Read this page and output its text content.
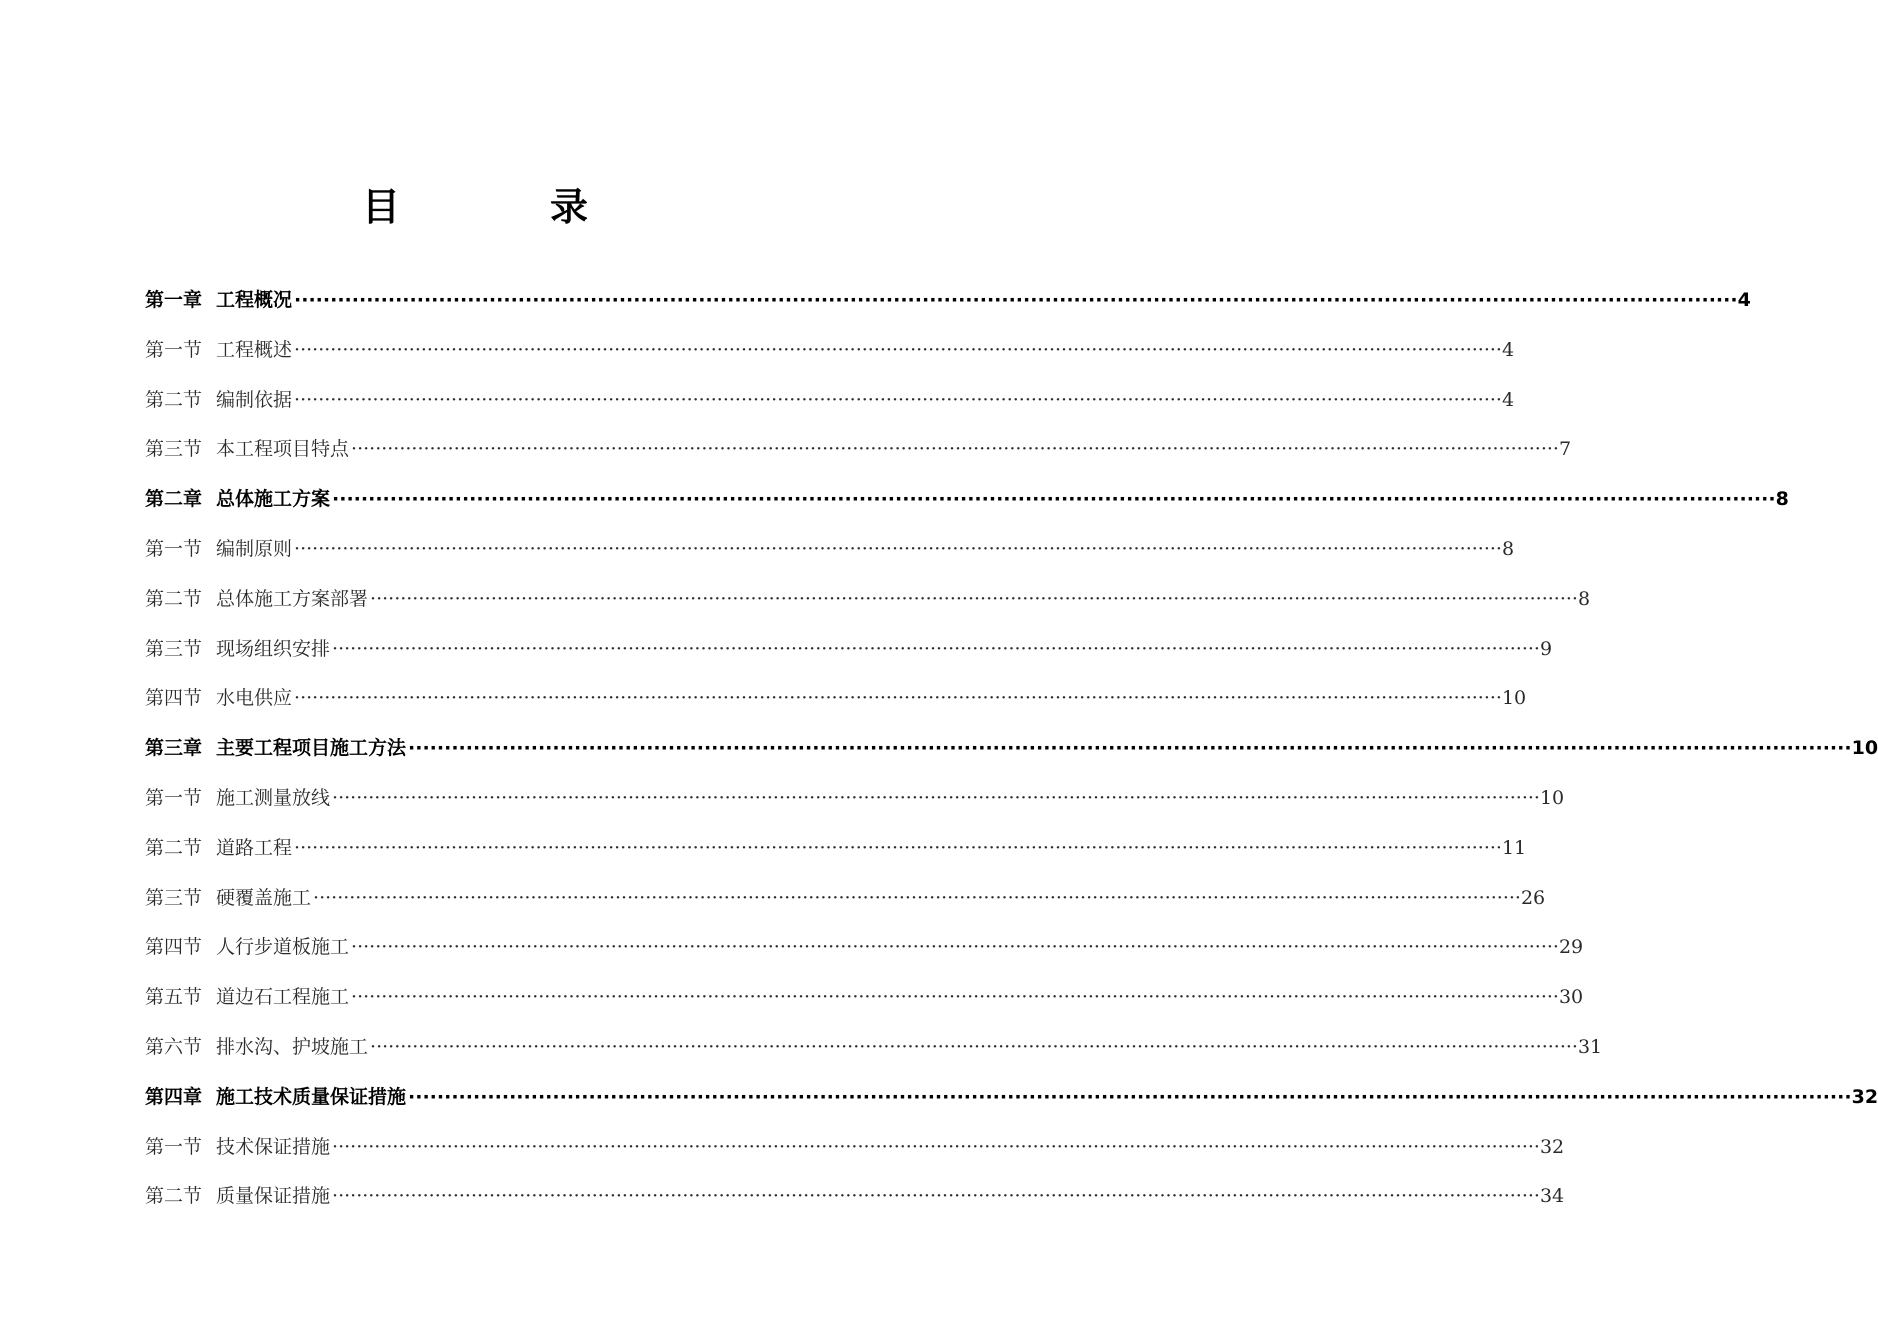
目	录
第一章 工程概况 ········································································································································································································ 4
第一节 工程概述 ········································································································································································································ 4
第二节 编制依据 ········································································································································································································ 4
第三节 本工程项目特点 ········································································································································································································ 7
第二章 总体施工方案 ········································································································································································································ 8
第一节 编制原则 ········································································································································································································ 8
第二节 总体施工方案部署 ········································································································································································································ 8
第三节 现场组织安排 ········································································································································································································ 9
第四节 水电供应 ········································································································································································································ 10
第三章 主要工程项目施工方法 ········································································································································································································ 10
第一节 施工测量放线 ········································································································································································································ 10
第二节 道路工程 ········································································································································································································ 11
第三节 硬覆盖施工 ········································································································································································································ 26
第四节 人行步道板施工 ········································································································································································································ 29
第五节 道边石工程施工 ········································································································································································································ 30
第六节 排水沟、护坡施工 ········································································································································································································ 31
第四章 施工技术质量保证措施 ········································································································································································································ 32
第一节 技术保证措施 ········································································································································································································ 32
第二节 质量保证措施 ········································································································································································································ 34
